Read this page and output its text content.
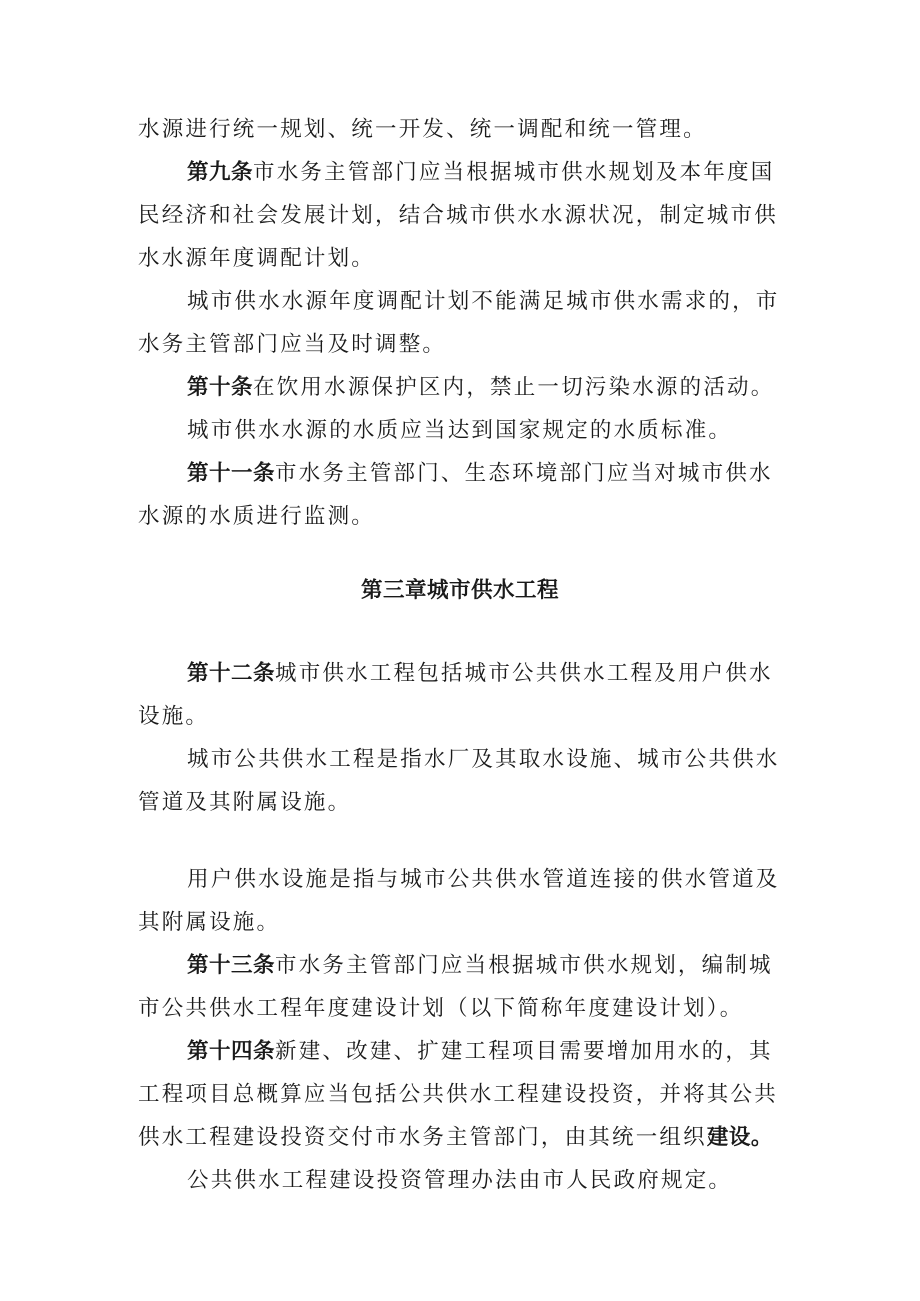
水源进行统一规划、统一开发、统一调配和统一管理。

第九条市水务主管部门应当根据城市供水规划及本年度国民经济和社会发展计划，结合城市供水水源状况，制定城市供水水源年度调配计划。

城市供水水源年度调配计划不能满足城市供水需求的，市水务主管部门应当及时调整。

第十条在饮用水源保护区内，禁止一切污染水源的活动。

城市供水水源的水质应当达到国家规定的水质标准。

第十一条市水务主管部门、生态环境部门应当对城市供水水源的水质进行监测。

第三章城市供水工程

第十二条城市供水工程包括城市公共供水工程及用户供水设施。

城市公共供水工程是指水厂及其取水设施、城市公共供水管道及其附属设施。

用户供水设施是指与城市公共供水管道连接的供水管道及其附属设施。

第十三条市水务主管部门应当根据城市供水规划，编制城市公共供水工程年度建设计划（以下简称年度建设计划）。

第十四条新建、改建、扩建工程项目需要增加用水的，其工程项目总概算应当包括公共供水工程建设投资，并将其公共供水工程建设投资交付市水务主管部门，由其统一组织建设。

公共供水工程建设投资管理办法由市人民政府规定。
